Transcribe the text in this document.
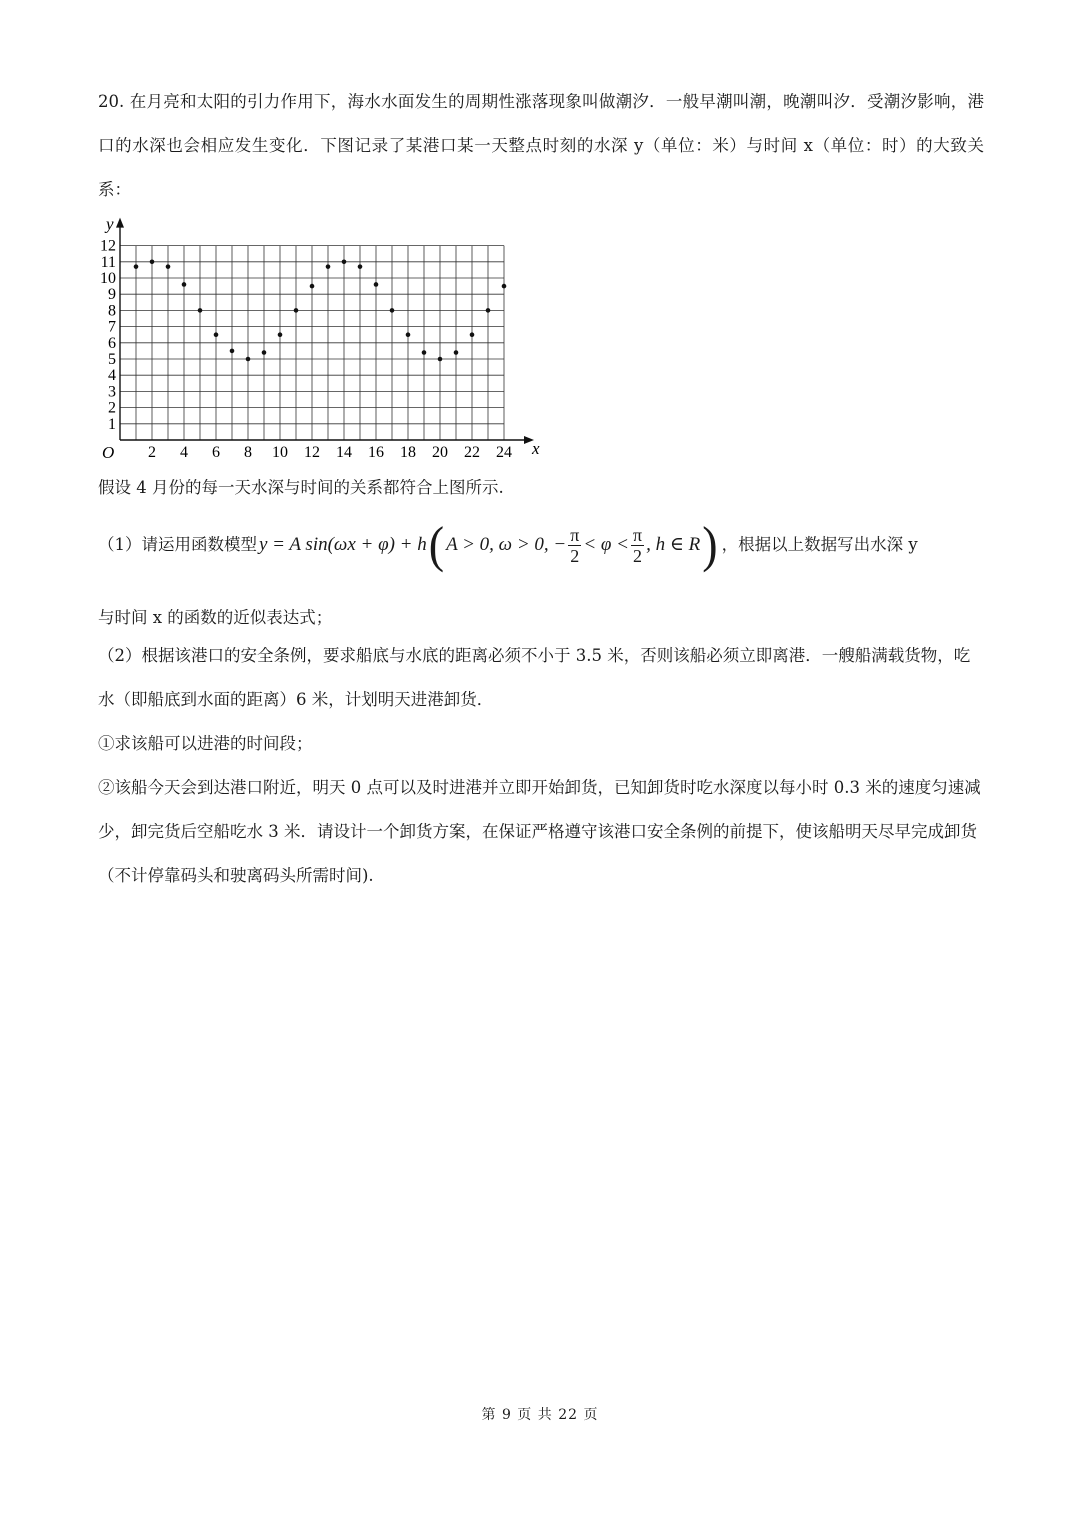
20. 在月亮和太阳的引力作用下，海水水面发生的周期性涨落现象叫做潮汐．一般早潮叫潮，晚潮叫汐．受潮汐影响，港口的水深也会相应发生变化．下图记录了某港口某一天整点时刻的水深 y（单位：米）与时间 x（单位：时）的大致关系：

1
2
3
4
5
6
7
8
9
10
11
12
2 4 6 8 10 12 14 16 18 20 22 24
y
x
O

假设 4 月份的每一天水深与时间的关系都符合上图所示.

（1）请运用函数模型 y = A sin(ωx + φ) + h ( A > 0, ω > 0, − $\frac{\pi}{2} < \varphi < \frac{\pi}{2}$ , h ∈ R ) ，根据以上数据写出水深 y

与时间 x 的函数的近似表达式；

（2）根据该港口的安全条例，要求船底与水底的距离必须不小于 3.5 米，否则该船必须立即离港．一艘船满载货物，吃水（即船底到水面的距离）6 米，计划明天进港卸货．

①求该船可以进港的时间段；

②该船今天会到达港口附近，明天 0 点可以及时进港并立即开始卸货，已知卸货时吃水深度以每小时 0.3 米的速度匀速减少，卸完货后空船吃水 3 米．请设计一个卸货方案，在保证严格遵守该港口安全条例的前提下，使该船明天尽早完成卸货（不计停靠码头和驶离码头所需时间).

第 9 页 共 22 页
